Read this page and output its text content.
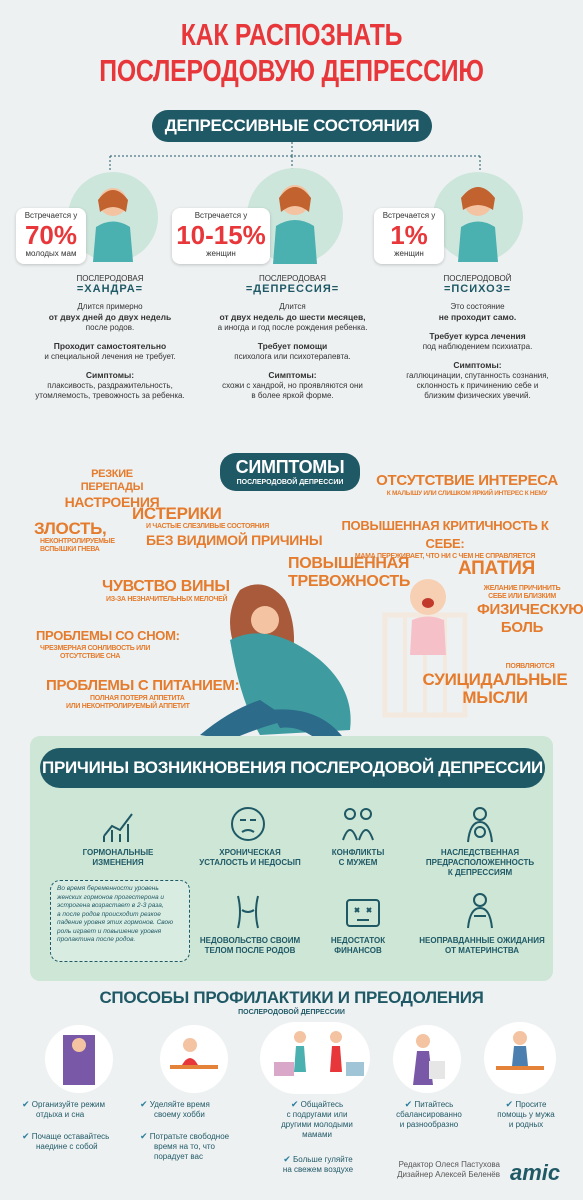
КАК РАСПОЗНАТЬ
ПОСЛЕРОДОВУЮ ДЕПРЕССИЮ
ДЕПРЕССИВНЫЕ СОСТОЯНИЯ
Встречается у
70%
молодых мам
Встречается у
10-15%
женщин
Встречается у
1%
женщин
ПОСЛЕРОДОВАЯ
=ХАНДРА=
Длится примерно
от двух дней до двух недель
после родов.
Проходит самостоятельно
и специальной лечения не требует.
Симптомы:
плаксивость, раздражительность,
утомляемость, тревожность за ребенка.
ПОСЛЕРОДОВАЯ
=ДЕПРЕССИЯ=
Длится
от двух недель до шести месяцев,
а иногда и год после рождения ребенка.
Требует помощи
психолога или психотерапевта.
Симптомы:
схожи с хандрой, но проявляются они
в более яркой форме.
ПОСЛЕРОДОВОЙ
=ПСИХОЗ=
Это состояние
не проходит само.
Требует курса лечения
под наблюдением психиатра.
Симптомы:
галлюцинации, спутанность сознания,
склонность к причинению себе и
близким физических увечий.
СИМПТОМЫ
ПОСЛЕРОДОВОЙ ДЕПРЕССИИ
РЕЗКИЕ ПЕРЕПАДЫ
НАСТРОЕНИЯ
ОТСУТСТВИЕ ИНТЕРЕСА
К МАЛЫШУ ИЛИ СЛИШКОМ ЯРКИЙ ИНТЕРЕС К НЕМУ
ЗЛОСТЬ,
НЕКОНТРОЛИРУЕМЫЕ
ВСПЫШКИ ГНЕВА
ИСТЕРИКИ
И ЧАСТЫЕ СЛЕЗЛИВЫЕ СОСТОЯНИЯ
БЕЗ ВИДИМОЙ ПРИЧИНЫ
ПОВЫШЕННАЯ КРИТИЧНОСТЬ К СЕБЕ:
МАМА ПЕРЕЖИВАЕТ, ЧТО НИ С ЧЕМ НЕ СПРАВЛЯЕТСЯ
ПОВЫШЕННАЯ
ТРЕВОЖНОСТЬ
АПАТИЯ
ЧУВСТВО ВИНЫ
ИЗ-ЗА НЕЗНАЧИТЕЛЬНЫХ МЕЛОЧЕЙ
ПРОБЛЕМЫ СО СНОМ:
ЧРЕЗМЕРНАЯ СОНЛИВОСТЬ ИЛИ
ОТСУТСТВИЕ СНА
ЖЕЛАНИЕ ПРИЧИНИТЬ
СЕБЕ ИЛИ БЛИЗКИМ
ФИЗИЧЕСКУЮ
БОЛЬ
ПОЯВЛЯЮТСЯ
СУИЦИДАЛЬНЫЕ
МЫСЛИ
ПРОБЛЕМЫ С ПИТАНИЕМ:
ПОЛНАЯ ПОТЕРЯ АППЕТИТА
ИЛИ НЕКОНТРОЛИРУЕМЫЙ АППЕТИТ
ПРИЧИНЫ ВОЗНИКНОВЕНИЯ ПОСЛЕРОДОВОЙ ДЕПРЕССИИ
ГОРМОНАЛЬНЫЕ
ИЗМЕНЕНИЯ
ХРОНИЧЕСКАЯ
УСТАЛОСТЬ И НЕДОСЫП
КОНФЛИКТЫ
С МУЖЕМ
НАСЛЕДСТВЕННАЯ
ПРЕДРАСПОЛОЖЕННОСТЬ
К ДЕПРЕССИЯМ
Во время беременности уровень
женских гормонов прогестерона и
эстрогена возрастает в 2-3 раза,
а после родов происходит резкое
падение уровня этих гормонов. Свою
роль играет и повышение уровня
пролактина после родов.	НЕДОВОЛЬСТВО СВОИМ
ТЕЛОМ ПОСЛЕ РОДОВ
НЕДОСТАТОК
ФИНАНСОВ
НЕОПРАВДАННЫЕ ОЖИДАНИЯ
ОТ МАТЕРИНСТВА
СПОСОБЫ ПРОФИЛАКТИКИ И ПРЕОДОЛЕНИЯ
ПОСЛЕРОДОВОЙ ДЕПРЕССИИ
✔ Организуйте режим
отдыха и сна
✔ Почаще оставайтесь
наедине с собой
✔ Уделяйте время
своему хобби
✔ Потратьте свободное
время на то, что
порадует вас
✔ Общайтесь
с подругами или
другими молодыми
мамами
✔ Больше гуляйте
на свежем воздухе
✔ Питайтесь
сбалансированно
и разнообразно
✔ Просите
помощь у мужа
и родных
Редактор Олеся Пастухова
Дизайнер Алексей Беленёв amic
